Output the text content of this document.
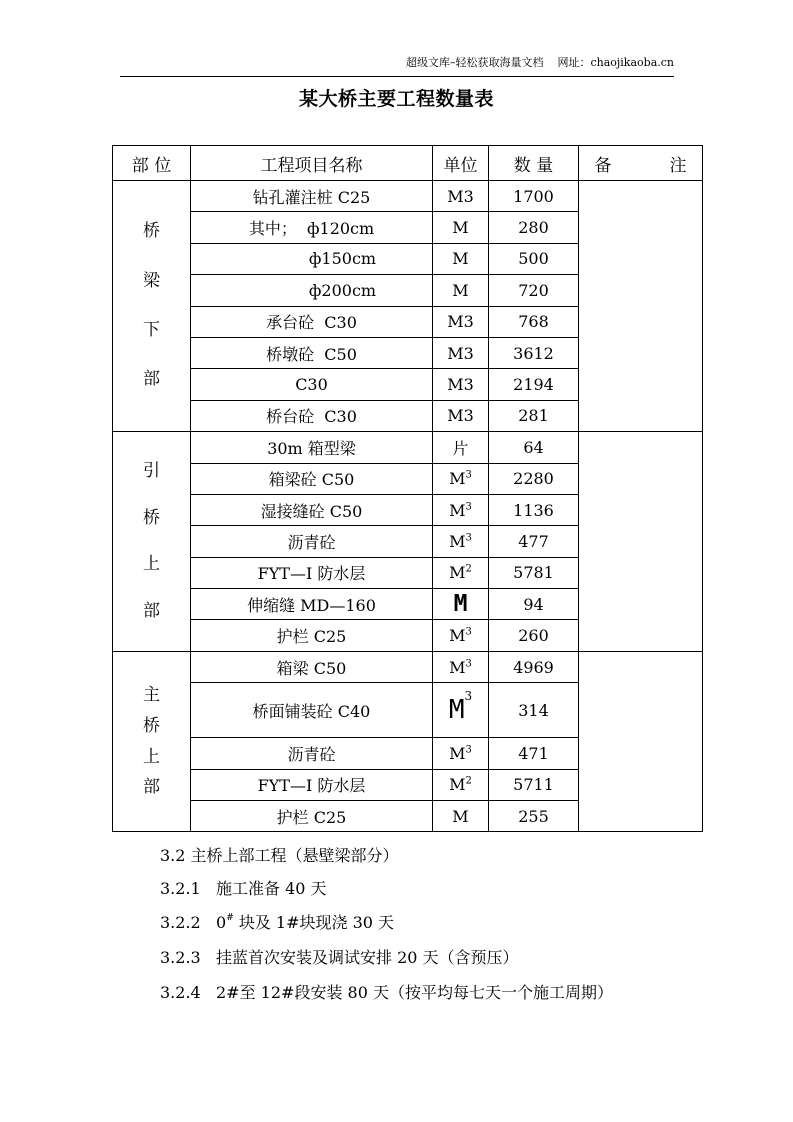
超级文库–轻松获取海量文档 网址：chaojikaoba.cn
某大桥主要工程数量表
部 位	工程项目名称	单位	数 量	备 注
桥
梁
下
部	钻孔灌注桩 C25	M3	1700	
	其中；  ф120cm	M	280	
	ф150cm	M	500	
	ф200cm	M	720	
	承台砼  C30	M3	768	
	桥墩砼  C50	M3	3612	
	C30	M3	2194	
	桥台砼  C30	M3	281	
引
桥
上
部	30m 箱型梁	片	64	
	箱梁砼 C50	$M^3$	2280	
	湿接缝砼 C50	$M^3$	1136	
	沥青砼	$M^3$	477	
	FYT—I 防水层	$M^2$	5781	
	伸缩缝 MD—160	M	94	
	护栏 C25	$M^3$	260	
主
桥
上
部	箱梁 C50	$M^3$	4969	
	桥面铺装砼 C40	$M^3$	314	
	沥青砼	$M^3$	471	
	FYT—I 防水层	$M^2$	5711	
	护栏 C25	M	255	
3.2 主桥上部工程（悬壁梁部分）
3.2.1 施工准备 40 天
3.2.2 0# 块及 1#块现浇 30 天
3.2.3 挂蓝首次安装及调试安排 20 天（含预压）
3.2.4 2#至 12#段安装 80 天（按平均每七天一个施工周期）
